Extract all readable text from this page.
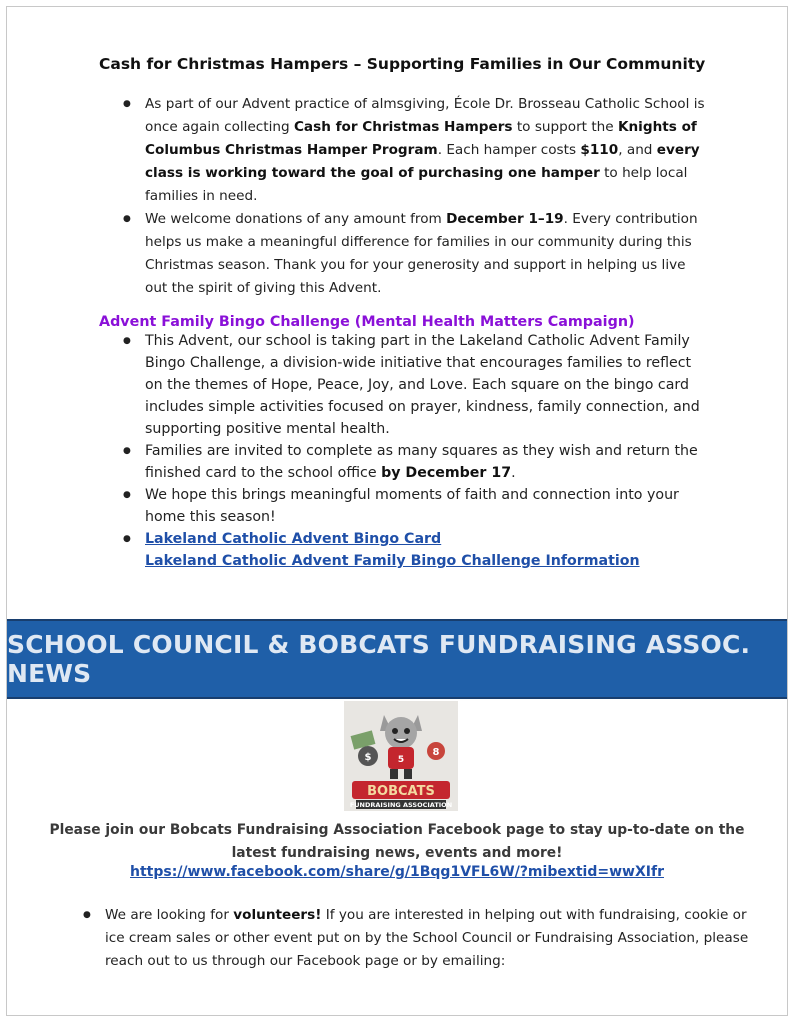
Cash for Christmas Hampers – Supporting Families in Our Community
● As part of our Advent practice of almsgiving, École Dr. Brosseau Catholic School is once again collecting Cash for Christmas Hampers to support the Knights of Columbus Christmas Hamper Program. Each hamper costs $110, and every class is working toward the goal of purchasing one hamper to help local families in need.
● We welcome donations of any amount from December 1–19. Every contribution helps us make a meaningful difference for families in our community during this Christmas season. Thank you for your generosity and support in helping us live out the spirit of giving this Advent.
Advent Family Bingo Challenge (Mental Health Matters Campaign)
● This Advent, our school is taking part in the Lakeland Catholic Advent Family Bingo Challenge, a division-wide initiative that encourages families to reflect on the themes of Hope, Peace, Joy, and Love. Each square on the bingo card includes simple activities focused on prayer, kindness, family connection, and supporting positive mental health.
● Families are invited to complete as many squares as they wish and return the finished card to the school office by December 17.
● We hope this brings meaningful moments of faith and connection into your home this season!
● Lakeland Catholic Advent Bingo Card
Lakeland Catholic Advent Family Bingo Challenge Information
SCHOOL COUNCIL & BOBCATS FUNDRAISING ASSOC. NEWS
$	8
5
BOBCATS
FUNDRAISING ASSOCIATION
Please join our Bobcats Fundraising Association Facebook page to stay up-to-date on the latest fundraising news, events and more!
https://www.facebook.com/share/g/1Bqg1VFL6W/?mibextid=wwXIfr
● We are looking for volunteers! If you are interested in helping out with fundraising, cookie or ice cream sales or other event put on by the School Council or Fundraising Association, please reach out to us through our Facebook page or by emailing:
